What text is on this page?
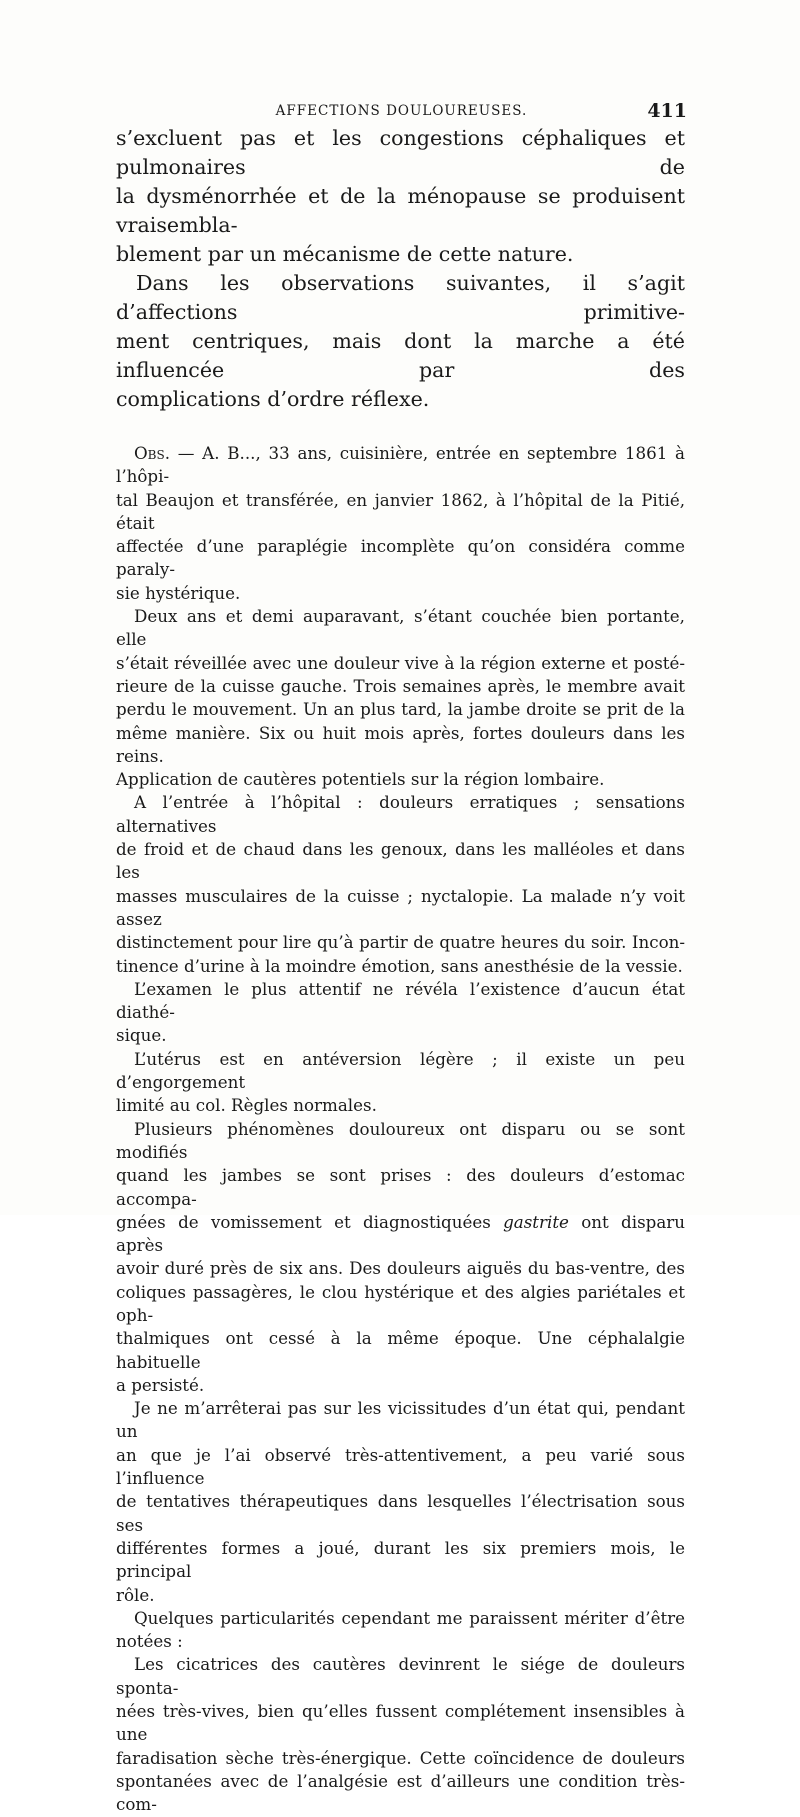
AFFECTIONS DOULOUREUSES.	411

s’excluent pas et les congestions céphaliques et pulmonaires de

la dysménorrhée et de la ménopause se produisent vraisembla-

blement par un mécanisme de cette nature.

Dans les observations suivantes, il s’agit d’affections primitive-

ment centriques, mais dont la marche a été influencée par des

complications d’ordre réflexe.

Obs. — A. B..., 33 ans, cuisinière, entrée en septembre 1861 à l’hôpi-

tal Beaujon et transférée, en janvier 1862, à l’hôpital de la Pitié, était

affectée d’une paraplégie incomplète qu’on considéra comme paraly-

sie hystérique.

Deux ans et demi auparavant, s’étant couchée bien portante, elle

s’était réveillée avec une douleur vive à la région externe et posté-

rieure de la cuisse gauche. Trois semaines après, le membre avait

perdu le mouvement. Un an plus tard, la jambe droite se prit de la

même manière. Six ou huit mois après, fortes douleurs dans les reins.

Application de cautères potentiels sur la région lombaire.

A l’entrée à l’hôpital : douleurs erratiques ; sensations alternatives

de froid et de chaud dans les genoux, dans les malléoles et dans les

masses musculaires de la cuisse ; nyctalopie. La malade n’y voit assez

distinctement pour lire qu’à partir de quatre heures du soir. Incon-

tinence d’urine à la moindre émotion, sans anesthésie de la vessie.

L’examen le plus attentif ne révéla l’existence d’aucun état diathé-

sique.

L’utérus est en antéversion légère ; il existe un peu d’engorgement

limité au col. Règles normales.

Plusieurs phénomènes douloureux ont disparu ou se sont modifiés

quand les jambes se sont prises : des douleurs d’estomac accompa-

gnées de vomissement et diagnostiquées gastrite ont disparu après

avoir duré près de six ans. Des douleurs aiguës du bas-ventre, des

coliques passagères, le clou hystérique et des algies pariétales et oph-

thalmiques ont cessé à la même époque. Une céphalalgie habituelle

a persisté.

Je ne m’arrêterai pas sur les vicissitudes d’un état qui, pendant un

an que je l’ai observé très-attentivement, a peu varié sous l’influence

de tentatives thérapeutiques dans lesquelles l’électrisation sous ses

différentes formes a joué, durant les six premiers mois, le principal

rôle.

Quelques particularités cependant me paraissent mériter d’être

notées :

Les cicatrices des cautères devinrent le siége de douleurs sponta-

nées très-vives, bien qu’elles fussent complétement insensibles à une

faradisation sèche très-énergique. Cette coïncidence de douleurs

spontanées avec de l’analgésie est d’ailleurs une condition très-com-
